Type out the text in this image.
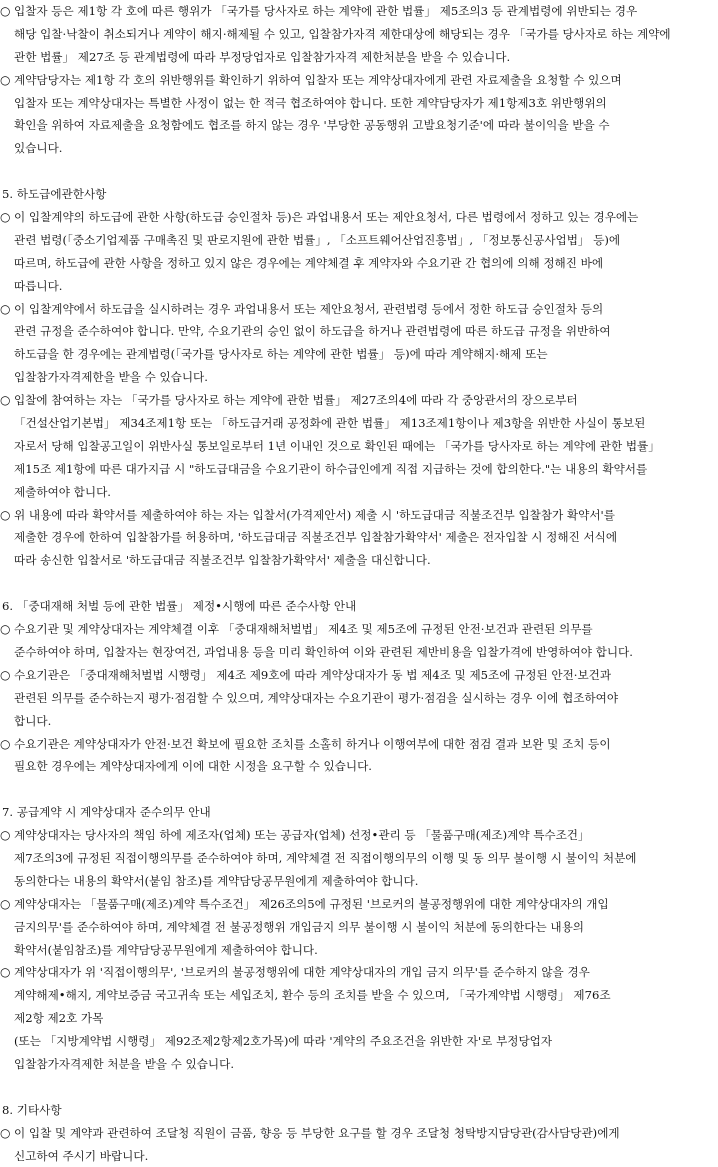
○ 입찰자 등은 제1항 각 호에 따른 행위가 「국가를 당사자로 하는 계약에 관한 법률」 제5조의3 등 관계법령에 위반되는 경우
해당 입찰·낙찰이 취소되거나 계약이 해지·해제될 수 있고, 입찰참가자격 제한대상에 해당되는 경우 「국가를 당사자로 하는 계약에
관한 법률」 제27조 등 관계법령에 따라 부정당업자로 입찰참가자격 제한처분을 받을 수 있습니다.
○ 계약담당자는 제1항 각 호의 위반행위를 확인하기 위하여 입찰자 또는 계약상대자에게 관련 자료제출을 요청할 수 있으며
입찰자 또는 계약상대자는 특별한 사정이 없는 한 적극 협조하여야 합니다. 또한 계약담당자가 제1항제3호 위반행위의
확인을 위하여 자료제출을 요청함에도 협조를 하지 않는 경우 '부당한 공동행위 고발요청기준'에 따라 불이익을 받을 수
있습니다.
5. 하도급에관한사항
○ 이 입찰계약의 하도급에 관한 사항(하도급 승인절차 등)은 과업내용서 또는 제안요청서, 다른 법령에서 정하고 있는 경우에는
관련 법령(「중소기업제품 구매촉진 및 판로지원에 관한 법률」, 「소프트웨어산업진흥법」, 「정보통신공사업법」 등)에
따르며, 하도급에 관한 사항을 정하고 있지 않은 경우에는 계약체결 후 계약자와 수요기관 간 협의에 의해 정해진 바에
따릅니다.
○ 이 입찰계약에서 하도급을 실시하려는 경우 과업내용서 또는 제안요청서, 관련법령 등에서 정한 하도급 승인절차 등의
관련 규정을 준수하여야 합니다. 만약, 수요기관의 승인 없이 하도급을 하거나 관련법령에 따른 하도급 규정을 위반하여
하도급을 한 경우에는 관계법령(「국가를 당사자로 하는 계약에 관한 법률」 등)에 따라 계약해지·해제 또는
입찰참가자격제한을 받을 수 있습니다.
○ 입찰에 참여하는 자는 「국가를 당사자로 하는 계약에 관한 법률」 제27조의4에 따라 각 중앙관서의 장으로부터
「건설산업기본법」 제34조제1항 또는 「하도급거래 공정화에 관한 법률」 제13조제1항이나 제3항을 위반한 사실이 통보된
자로서 당해 입찰공고일이 위반사실 통보일로부터 1년 이내인 것으로 확인된 때에는 「국가를 당사자로 하는 계약에 관한 법률」
제15조 제1항에 따른 대가지급 시 "하도급대금을 수요기관이 하수급인에게 직접 지급하는 것에 합의한다."는 내용의 확약서를
제출하여야 합니다.
○ 위 내용에 따라 확약서를 제출하여야 하는 자는 입찰서(가격제안서) 제출 시 '하도급대금 직불조건부 입찰참가 확약서'를
제출한 경우에 한하여 입찰참가를 허용하며, '하도급대금 직불조건부 입찰참가확약서' 제출은 전자입찰 시 정해진 서식에
따라 송신한 입찰서로 '하도급대금 직불조건부 입찰참가확약서' 제출을 대신합니다.
6. 「중대재해 처벌 등에 관한 법률」 제정•시행에 따른 준수사항 안내
○ 수요기관 및 계약상대자는 계약체결 이후 「중대재해처벌법」 제4조 및 제5조에 규정된 안전·보건과 관련된 의무를
준수하여야 하며, 입찰자는 현장여건, 과업내용 등을 미리 확인하여 이와 관련된 제반비용을 입찰가격에 반영하여야 합니다.
○ 수요기관은 「중대재해처벌법 시행령」 제4조 제9호에 따라 계약상대자가 동 법 제4조 및 제5조에 규정된 안전·보건과
관련된 의무를 준수하는지 평가·점검할 수 있으며, 계약상대자는 수요기관이 평가·점검을 실시하는 경우 이에 협조하여야
합니다.
○ 수요기관은 계약상대자가 안전·보건 확보에 필요한 조치를 소홀히 하거나 이행여부에 대한 점검 결과 보완 및 조치 등이
필요한 경우에는 계약상대자에게 이에 대한 시정을 요구할 수 있습니다.
7. 공급계약 시 계약상대자 준수의무 안내
○ 계약상대자는 당사자의 책임 하에 제조자(업체) 또는 공급자(업체) 선정•관리 등 「물품구매(제조)계약 특수조건」
제7조의3에 규정된 직접이행의무를 준수하여야 하며, 계약체결 전 직접이행의무의 이행 및 동 의무 불이행 시 불이익 처분에
동의한다는 내용의 확약서(붙임 참조)를 계약담당공무원에게 제출하여야 합니다.
○ 계약상대자는 「물품구매(제조)계약 특수조건」 제26조의5에 규정된 '브로커의 불공정행위에 대한 계약상대자의 개입
금지의무'를 준수하여야 하며, 계약체결 전 불공정행위 개입금지 의무 불이행 시 불이익 처분에 동의한다는 내용의
확약서(붙임참조)를 계약담당공무원에게 제출하여야 합니다.
○ 계약상대자가 위 '직접이행의무', '브로커의 불공정행위에 대한 계약상대자의 개입 금지 의무'를 준수하지 않을 경우
계약해제•해지, 계약보증금 국고귀속 또는 세입조치, 환수 등의 조치를 받을 수 있으며, 「국가계약법 시행령」 제76조
제2항 제2호 가목
(또는 「지방계약법 시행령」 제92조제2항제2호가목)에 따라 '계약의 주요조건을 위반한 자'로 부정당업자
입찰참가자격제한 처분을 받을 수 있습니다.
8. 기타사항
○ 이 입찰 및 계약과 관련하여 조달청 직원이 금품, 향응 등 부당한 요구를 할 경우 조달청 청탁방지담당관(감사담당관)에게
신고하여 주시기 바랍니다.
